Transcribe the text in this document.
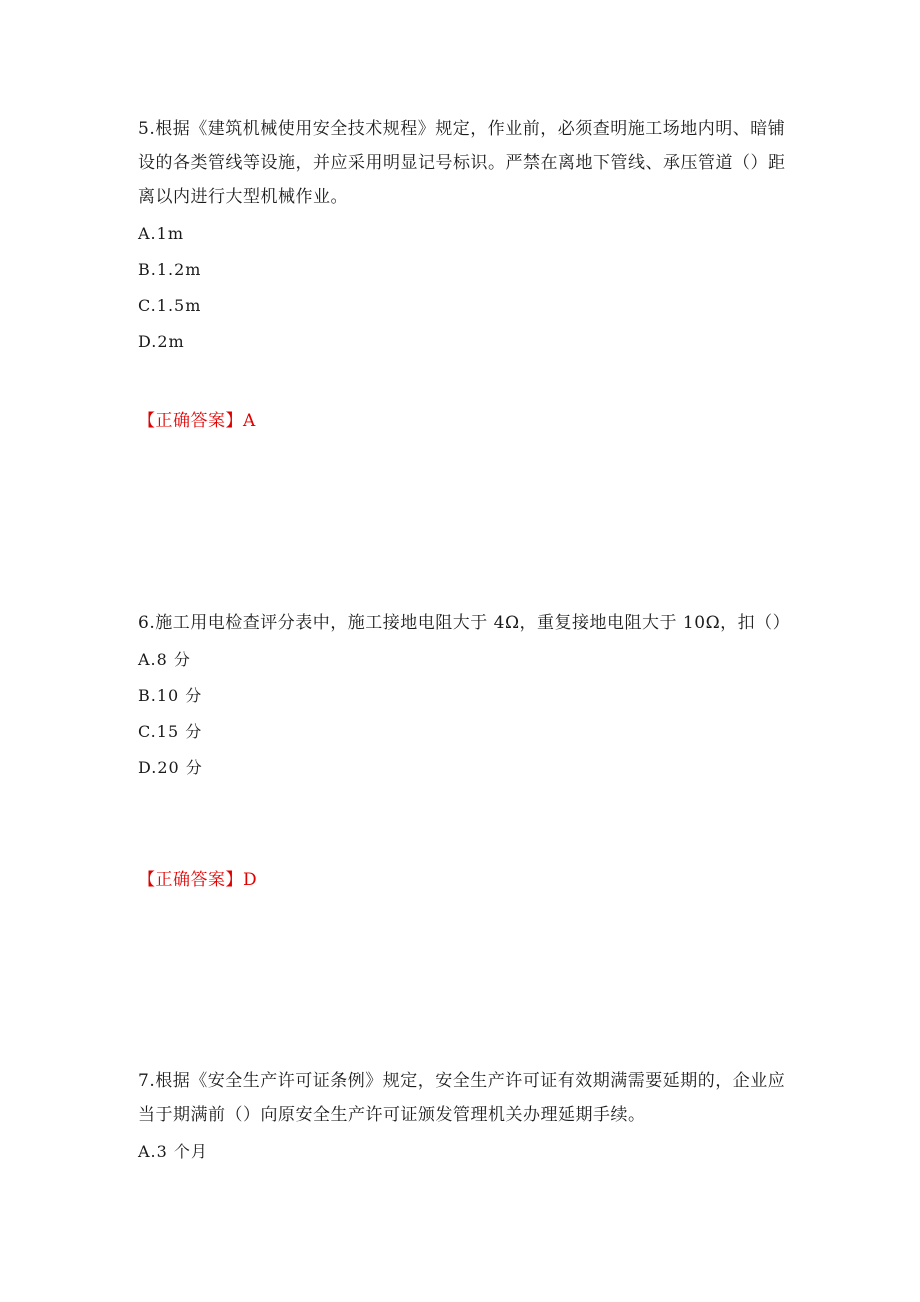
5.根据《建筑机械使用安全技术规程》规定，作业前，必须查明施工场地内明、暗铺设的各类管线等设施，并应采用明显记号标识。严禁在离地下管线、承压管道（）距离以内进行大型机械作业。

A.1m

B.1.2m

C.1.5m

D.2m

【正确答案】A

6.施工用电检查评分表中，施工接地电阻大于 4Ω，重复接地电阻大于 10Ω，扣（）

A.8 分

B.10 分

C.15 分

D.20 分

【正确答案】D

7.根据《安全生产许可证条例》规定，安全生产许可证有效期满需要延期的，企业应当于期满前（）向原安全生产许可证颁发管理机关办理延期手续。

A.3 个月
